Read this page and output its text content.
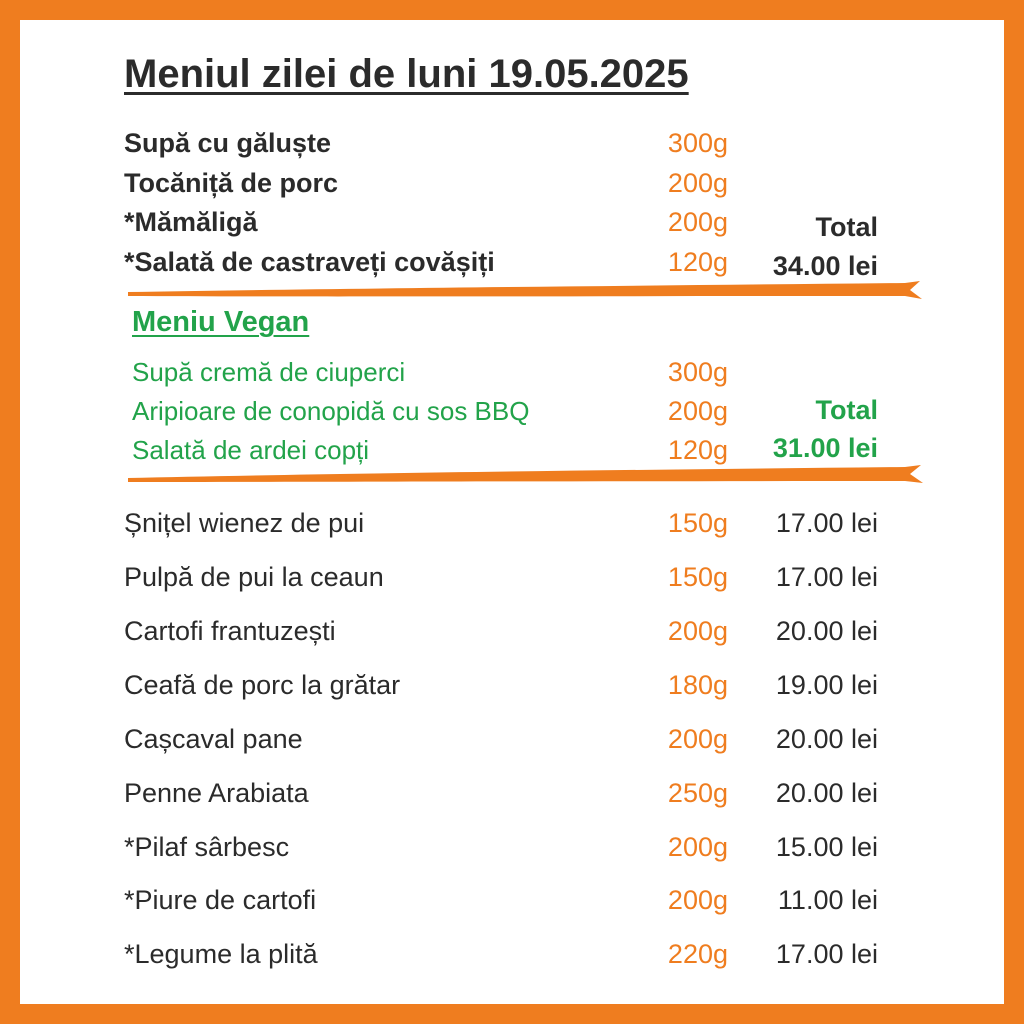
Meniul zilei de luni 19.05.2025
Supă cu găluște	300g
Tocăniță de porc	200g
*Mămăligă	200g
*Salată de castraveți covășiți	120g
Total
34.00 lei
Meniu Vegan
Supă cremă de ciuperci	300g
Aripioare de conopidă cu sos BBQ	200g
Salată de ardei copți	120g
Total
31.00 lei
Șnițel wienez de pui	150g 17.00 lei
Pulpă de pui la ceaun	150g 17.00 lei
Cartofi frantuzești	200g 20.00 lei
Ceafă de porc la grătar	180g 19.00 lei
Cașcaval pane	200g 20.00 lei
Penne Arabiata	250g 20.00 lei
*Pilaf sârbesc	200g 15.00 lei
*Piure de cartofi	200g 11.00 lei
*Legume la plită	220g 17.00 lei
